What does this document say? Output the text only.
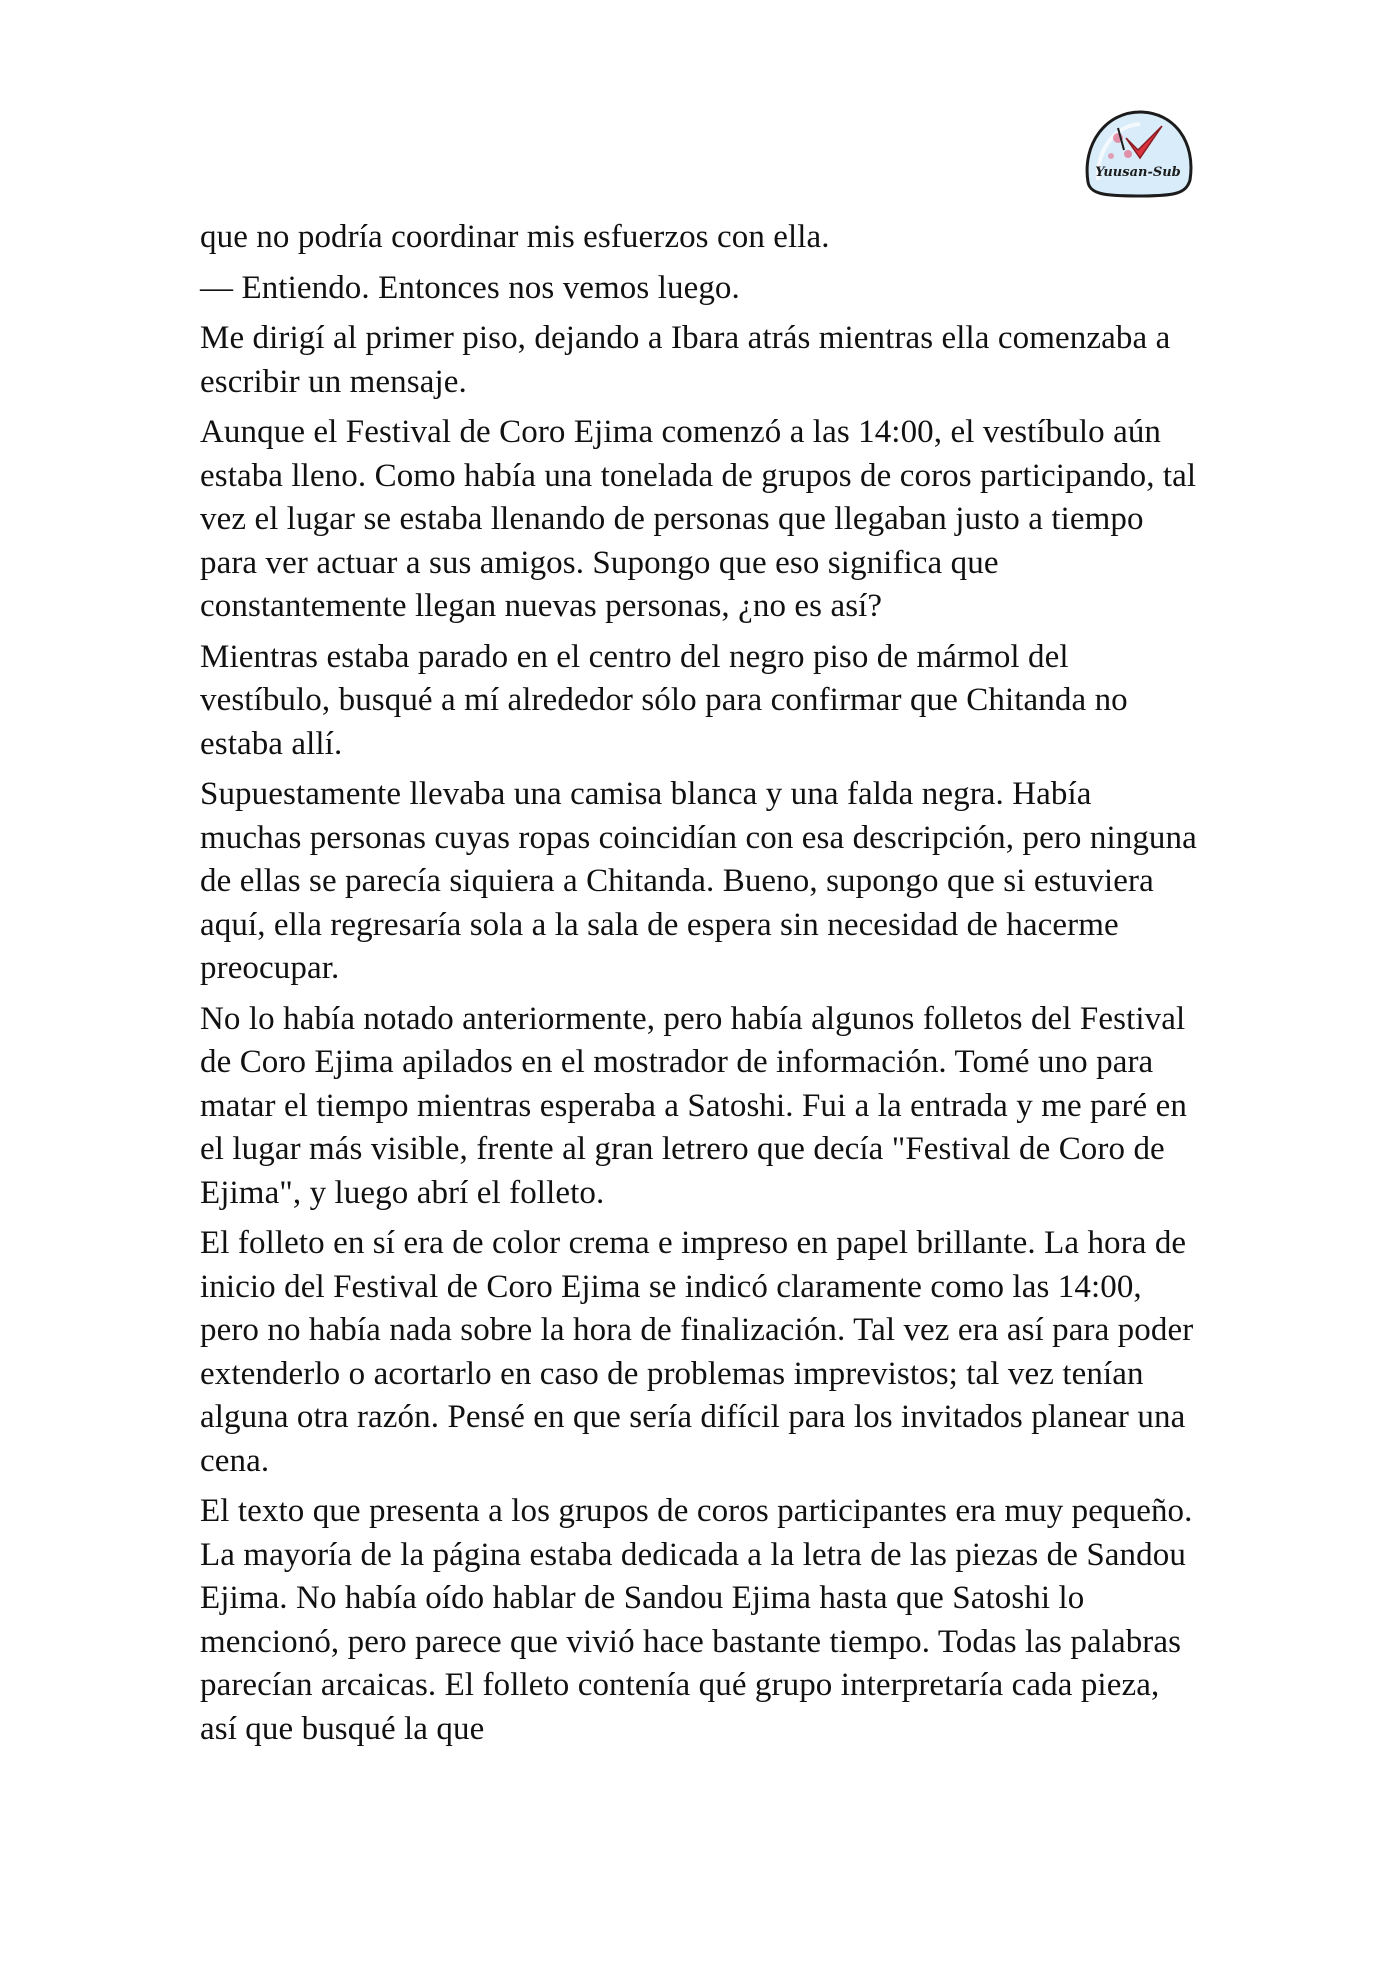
Yuusan-Sub

que no podría coordinar mis esfuerzos con ella.

— Entiendo. Entonces nos vemos luego.

Me dirigí al primer piso, dejando a Ibara atrás mientras ella comenzaba a escribir un mensaje.

Aunque el Festival de Coro Ejima comenzó a las 14:00, el vestíbulo aún estaba lleno. Como había una tonelada de grupos de coros participando, tal vez el lugar se estaba llenando de personas que llegaban justo a tiempo para ver actuar a sus amigos. Supongo que eso significa que constantemente llegan nuevas personas, ¿no es así?

Mientras estaba parado en el centro del negro piso de mármol del vestíbulo, busqué a mí alrededor sólo para confirmar que Chitanda no estaba allí.

Supuestamente llevaba una camisa blanca y una falda negra. Había muchas personas cuyas ropas coincidían con esa descripción, pero ninguna de ellas se parecía siquiera a Chitanda. Bueno, supongo que si estuviera aquí, ella regresaría sola a la sala de espera sin necesidad de hacerme preocupar.

No lo había notado anteriormente, pero había algunos folletos del Festival de Coro Ejima apilados en el mostrador de información. Tomé uno para matar el tiempo mientras esperaba a Satoshi. Fui a la entrada y me paré en el lugar más visible, frente al gran letrero que decía "Festival de Coro de Ejima", y luego abrí el folleto.

El folleto en sí era de color crema e impreso en papel brillante. La hora de inicio del Festival de Coro Ejima se indicó claramente como las 14:00, pero no había nada sobre la hora de finalización. Tal vez era así para poder extenderlo o acortarlo en caso de problemas imprevistos; tal vez tenían alguna otra razón. Pensé en que sería difícil para los invitados planear una cena.

El texto que presenta a los grupos de coros participantes era muy pequeño. La mayoría de la página estaba dedicada a la letra de las piezas de Sandou Ejima. No había oído hablar de Sandou Ejima hasta que Satoshi lo mencionó, pero parece que vivió hace bastante tiempo. Todas las palabras parecían arcaicas. El folleto contenía qué grupo interpretaría cada pieza, así que busqué la que
